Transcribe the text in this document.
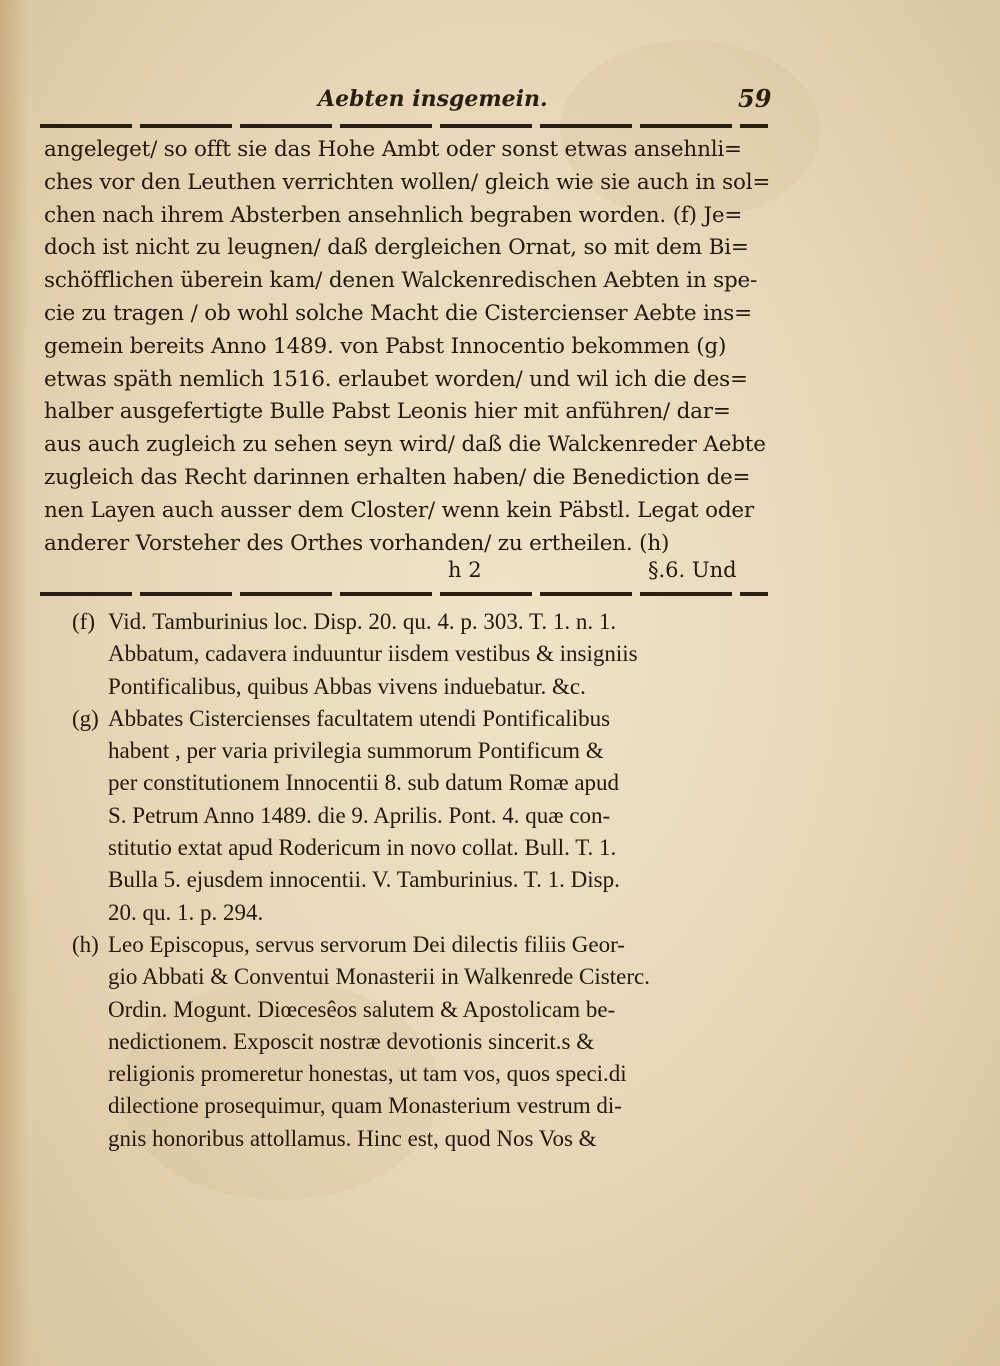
Aebten insgemein.	59
angeleget/ so offt sie das Hohe Ambt oder sonst etwas ansehnli=
ches vor den Leuthen verrichten wollen/ gleich wie sie auch in sol=
chen nach ihrem Absterben ansehnlich begraben worden. (f) Je=
doch ist nicht zu leugnen/ daß dergleichen Ornat, so mit dem Bi=
schöfflichen überein kam/ denen Walckenredischen Aebten in spe-
cie zu tragen / ob wohl solche Macht die Cistercienser Aebte ins=
gemein bereits Anno 1489. von Pabst Innocentio bekommen (g)
etwas späth nemlich 1516. erlaubet worden/ und wil ich die des=
halber ausgefertigte Bulle Pabst Leonis hier mit anführen/ dar=
aus auch zugleich zu sehen seyn wird/ daß die Walckenreder Aebte
zugleich das Recht darinnen erhalten haben/ die Benediction de=
nen Layen auch ausser dem Closter/ wenn kein Päbstl. Legat oder
anderer Vorsteher des Orthes vorhanden/ zu ertheilen. (h)
h 2	§.6. Und
(f) Vid. Tamburinius loc. Disp. 20. qu. 4. p. 303. T. 1. n. 1.
Abbatum, cadavera induuntur iisdem vestibus & insigniis
Pontificalibus, quibus Abbas vivens induebatur. &c.
(g) Abbates Cistercienses facultatem utendi Pontificalibus
habent , per varia privilegia summorum Pontificum &
per constitutionem Innocentii 8. sub datum Romæ apud
S. Petrum Anno 1489. die 9. Aprilis. Pont. 4. quæ con-
stitutio extat apud Rodericum in novo collat. Bull. T. 1.
Bulla 5. ejusdem innocentii. V. Tamburinius. T. 1. Disp.
20. qu. 1. p. 294.
(h) Leo Episcopus, servus servorum Dei dilectis filiis Geor-
gio Abbati & Conventui Monasterii in Walkenrede Cisterc.
Ordin. Mogunt. Diœcesêos salutem & Apostolicam be-
nedictionem. Exposcit nostræ devotionis sincerit.s &
religionis promeretur honestas, ut tam vos, quos speci.di
dilectione prosequimur, quam Monasterium vestrum di-
gnis honoribus attollamus. Hinc est, quod Nos Vos &
